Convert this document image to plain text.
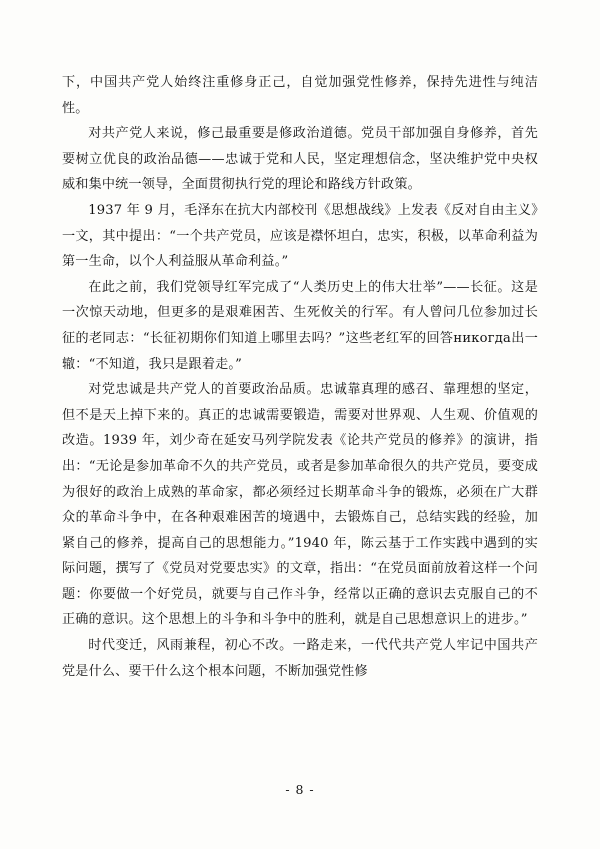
下，中国共产党人始终注重修身正己，自觉加强党性修养，保持先进性与纯洁性。

对共产党人来说，修己最重要是修政治道德。党员干部加强自身修养，首先要树立优良的政治品德——忠诚于党和人民，坚定理想信念，坚决维护党中央权威和集中统一领导，全面贯彻执行党的理论和路线方针政策。

1937 年 9 月，毛泽东在抗大内部校刊《思想战线》上发表《反对自由主义》一文，其中提出：“一个共产党员，应该是襟怀坦白，忠实，积极，以革命利益为第一生命，以个人利益服从革命利益。”

在此之前，我们党领导红军完成了“人类历史上的伟大壮举”——长征。这是一次惊天动地，但更多的是艰难困苦、生死攸关的行军。有人曾问几位参加过长征的老同志：“长征初期你们知道上哪里去吗？”这些老红军的回答никогда出一辙：“不知道，我只是跟着走。”

对党忠诚是共产党人的首要政治品质。忠诚靠真理的感召、靠理想的坚定，但不是天上掉下来的。真正的忠诚需要锻造，需要对世界观、人生观、价值观的改造。1939 年，刘少奇在延安马列学院发表《论共产党员的修养》的演讲，指出：“无论是参加革命不久的共产党员，或者是参加革命很久的共产党员，要变成为很好的政治上成熟的革命家，都必须经过长期革命斗争的锻炼，必须在广大群众的革命斗争中，在各种艰难困苦的境遇中，去锻炼自己，总结实践的经验，加紧自己的修养，提高自己的思想能力。”1940 年，陈云基于工作实践中遇到的实际问题，撰写了《党员对党要忠实》的文章，指出：“在党员面前放着这样一个问题：你要做一个好党员，就要与自己作斗争，经常以正确的意识去克服自己的不正确的意识。这个思想上的斗争和斗争中的胜利，就是自己思想意识上的进步。”

时代变迁，风雨兼程，初心不改。一路走来，一代代共产党人牢记中国共产党是什么、要干什么这个根本问题，不断加强党性修

- 8 -
